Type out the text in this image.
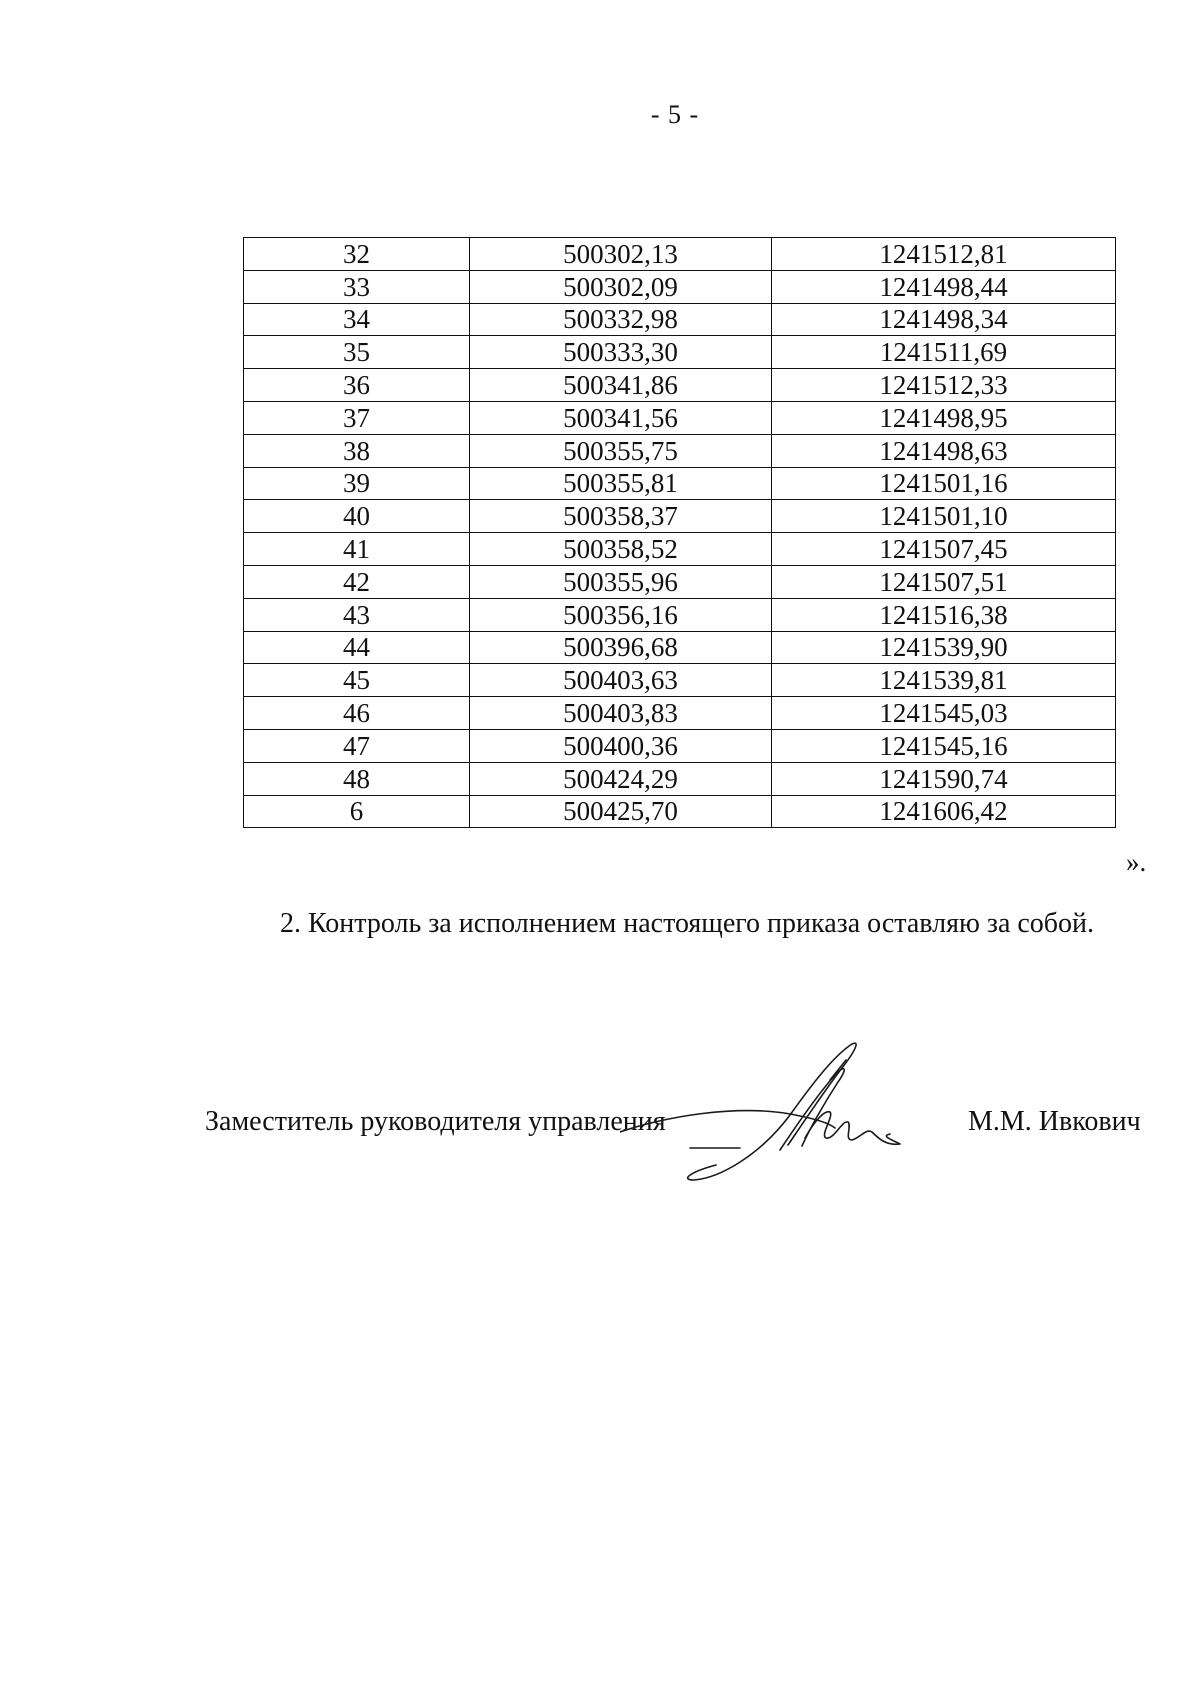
- 5 -
32	500302,13	1241512,81
33	500302,09	1241498,44
34	500332,98	1241498,34
35	500333,30	1241511,69
36	500341,86	1241512,33
37	500341,56	1241498,95
38	500355,75	1241498,63
39	500355,81	1241501,16
40	500358,37	1241501,10
41	500358,52	1241507,45
42	500355,96	1241507,51
43	500356,16	1241516,38
44	500396,68	1241539,90
45	500403,63	1241539,81
46	500403,83	1241545,03
47	500400,36	1241545,16
48	500424,29	1241590,74
6	500425,70	1241606,42
».
2. Контроль за исполнением настоящего приказа оставляю за собой.
Заместитель руководителя управления	М.М. Ивкович
